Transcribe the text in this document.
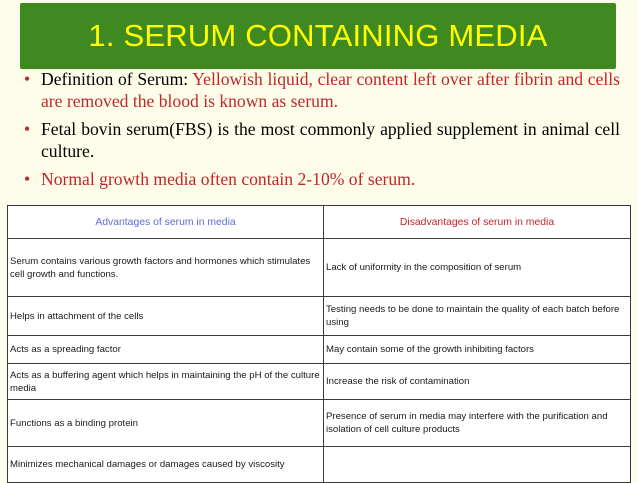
1. SERUM CONTAINING MEDIA
• Definition of Serum: Yellowish liquid, clear content left over after fibrin and cells are removed the blood is known as serum.
• Fetal bovin serum(FBS) is the most commonly applied supplement in animal cell culture.
• Normal growth media often contain 2-10% of serum.
Advantages of serum in media	Disadvantages of serum in media
Serum contains various growth factors and hormones which stimulates cell growth and functions.	Lack of uniformity in the composition of serum
Helps in attachment of the cells	Testing needs to be done to maintain the quality of each batch before using
Acts as a spreading factor	May contain some of the growth inhibiting factors
Acts as a buffering agent which helps in maintaining the pH of the culture media	Increase the risk of contamination
Functions as a binding protein	Presence of serum in media may interfere with the purification and isolation of cell culture products
Minimizes mechanical damages or damages caused by viscosity	
